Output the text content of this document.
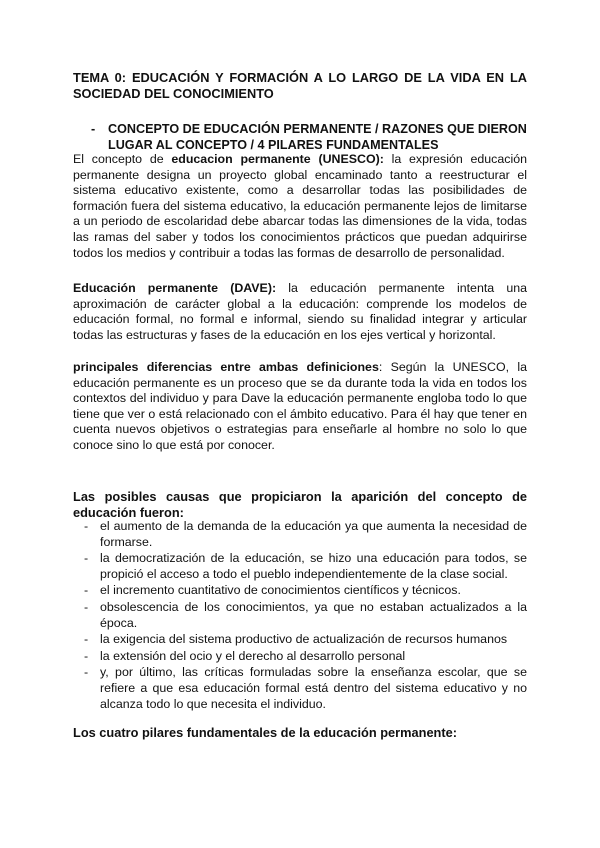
TEMA 0: EDUCACIÓN Y FORMACIÓN A LO LARGO DE LA VIDA EN LA SOCIEDAD DEL CONOCIMIENTO
- CONCEPTO DE EDUCACIÓN PERMANENTE / RAZONES QUE DIERON LUGAR AL CONCEPTO / 4 PILARES FUNDAMENTALES
El concepto de educacion permanente (UNESCO): la expresión educación permanente designa un proyecto global encaminado tanto a reestructurar el sistema educativo existente, como a desarrollar todas las posibilidades de formación fuera del sistema educativo, la educación permanente lejos de limitarse a un periodo de escolaridad debe abarcar todas las dimensiones de la vida, todas las ramas del saber y todos los conocimientos prácticos que puedan adquirirse todos los medios y contribuir a todas las formas de desarrollo de personalidad.
Educación permanente (DAVE): la educación permanente intenta una aproximación de carácter global a la educación: comprende los modelos de educación formal, no formal e informal, siendo su finalidad integrar y articular todas las estructuras y fases de la educación en los ejes vertical y horizontal.
principales diferencias entre ambas definiciones: Según la UNESCO, la educación permanente es un proceso que se da durante toda la vida en todos los contextos del individuo y para Dave la educación permanente engloba todo lo que tiene que ver o está relacionado con el ámbito educativo. Para él hay que tener en cuenta nuevos objetivos o estrategias para enseñarle al hombre no solo lo que conoce sino lo que está por conocer.
Las posibles causas que propiciaron la aparición del concepto de educación fueron:
- el aumento de la demanda de la educación ya que aumenta la necesidad de formarse.
- la democratización de la educación, se hizo una educación para todos, se propició el acceso a todo el pueblo independientemente de la clase social.
- el incremento cuantitativo de conocimientos científicos y técnicos.
- obsolescencia de los conocimientos, ya que no estaban actualizados a la época.
- la exigencia del sistema productivo de actualización de recursos humanos
- la extensión del ocio y el derecho al desarrollo personal
- y, por último, las críticas formuladas sobre la enseñanza escolar, que se refiere a que esa educación formal está dentro del sistema educativo y no alcanza todo lo que necesita el individuo.
Los cuatro pilares fundamentales de la educación permanente:
